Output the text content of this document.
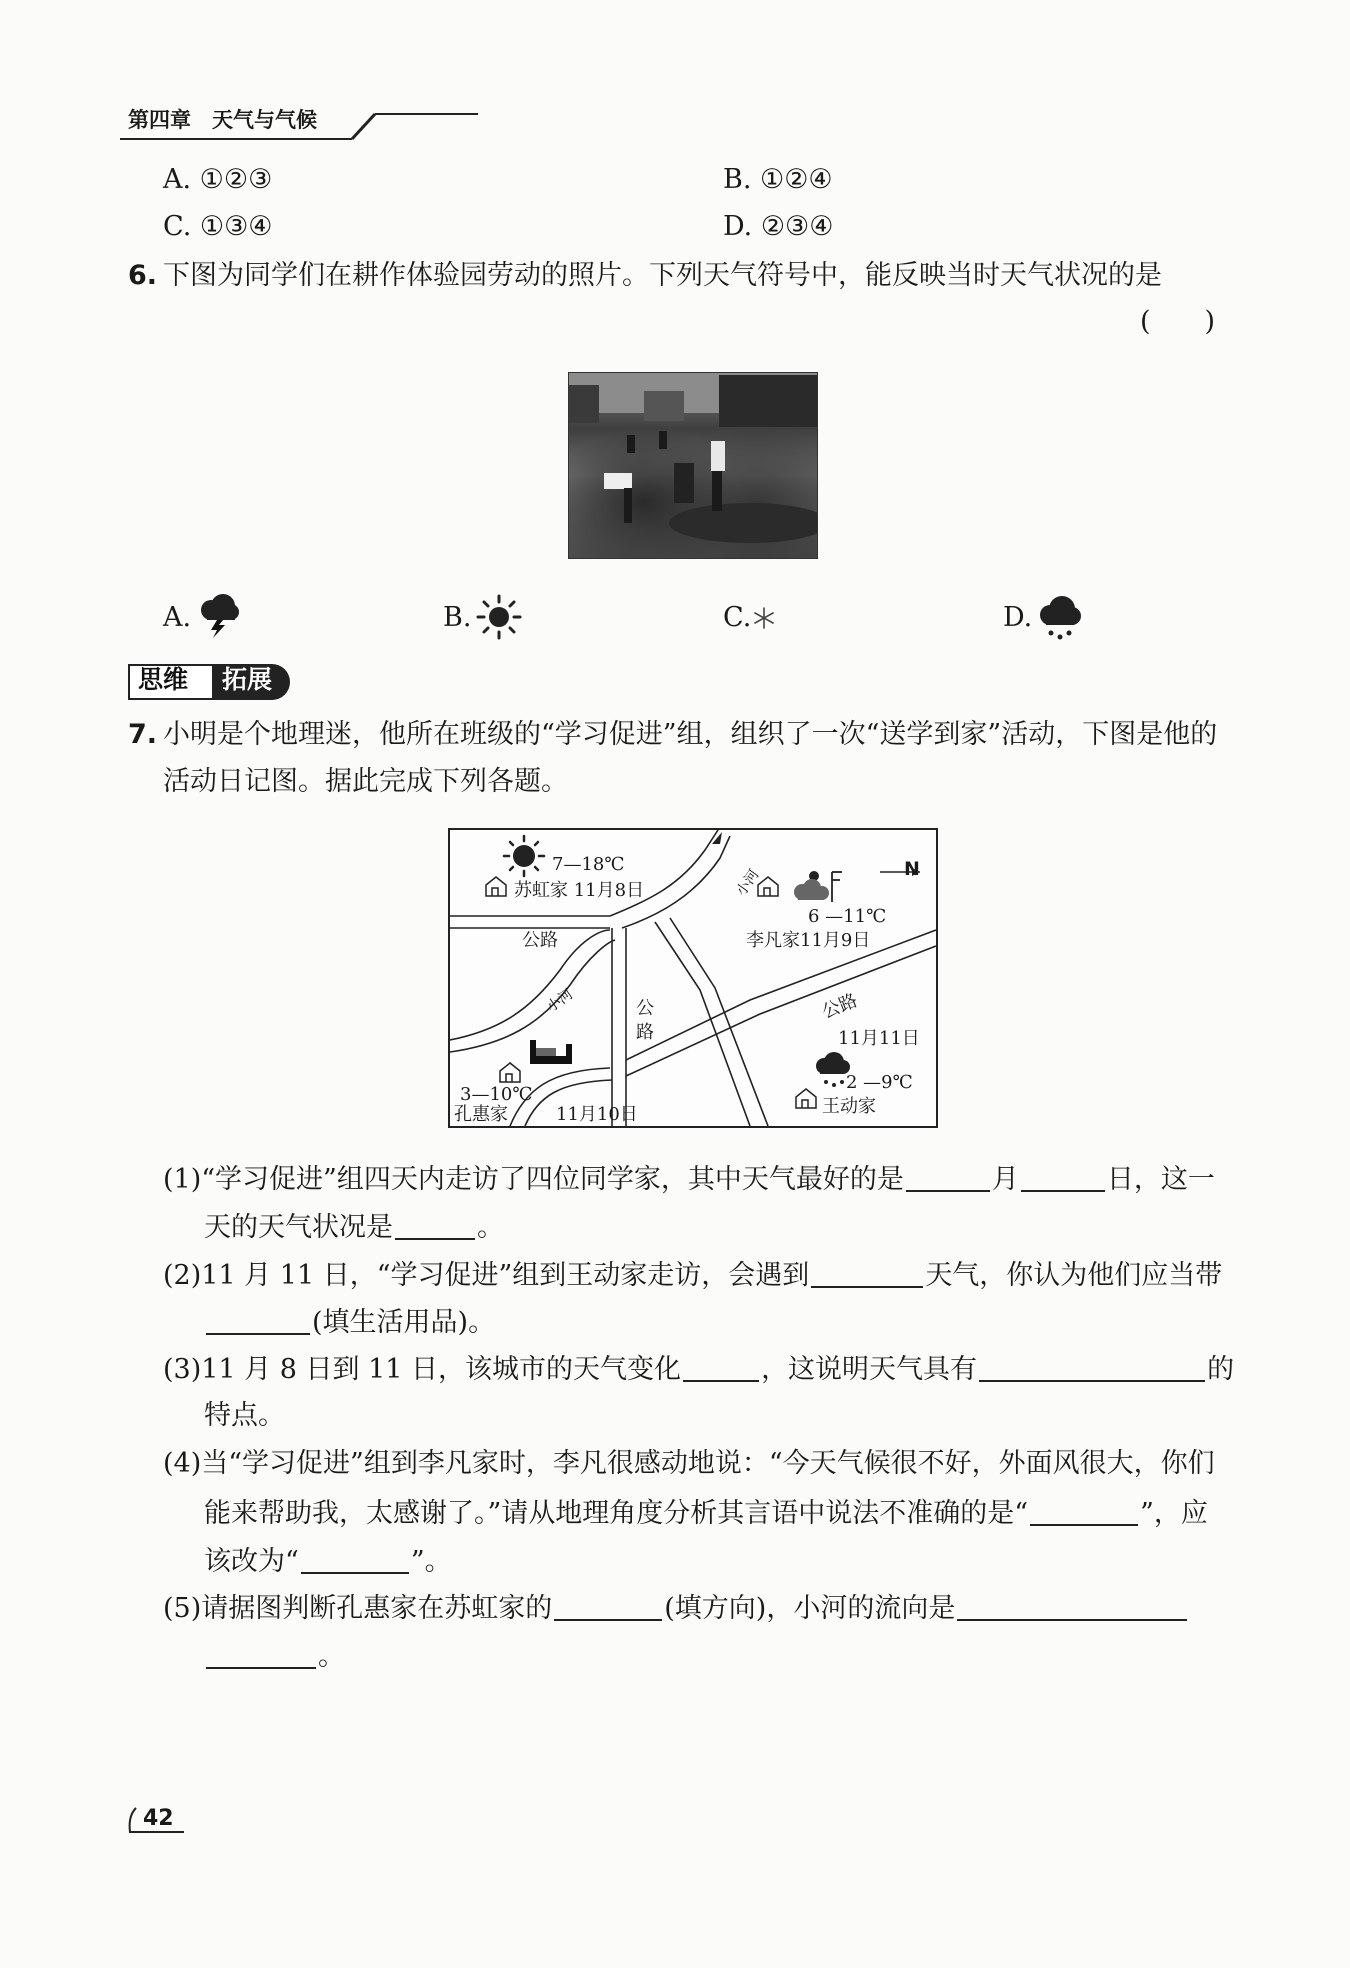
第四章 天气与气候
A. ①②③	B. ①②④
C. ①③④	D. ②③④
6. 下图为同学们在耕作体验园劳动的照片。下列天气符号中，能反映当时天气状况的是
(　　)
A.	B.	C.	D.
思维 拓展
7. 小明是个地理迷，他所在班级的“学习促进”组，组织了一次“送学到家”活动，下图是他的
活动日记图。据此完成下列各题。
N
7—18℃
苏虹家 11月8日
6 —11℃
李凡家11月9日
公路
公
路
公路
小河
小河
11月11日
2 —9℃
王动家
3—10℃
孔惠家	11月10日
(1)“学习促进”组四天内走访了四位同学家，其中天气最好的是	月	日，这一
天的天气状况是	。
(2)11 月 11 日，“学习促进”组到王动家走访，会遇到	天气，你认为他们应当带
(填生活用品)。
(3)11 月 8 日到 11 日，该城市的天气变化	，这说明天气具有	的
特点。
(4)当“学习促进”组到李凡家时，李凡很感动地说：“今天气候很不好，外面风很大，你们
能来帮助我，太感谢了。”请从地理角度分析其言语中说法不准确的是“	”，应
该改为“	”。
(5)请据图判断孔惠家在苏虹家的	(填方向)，小河的流向是
。
42
